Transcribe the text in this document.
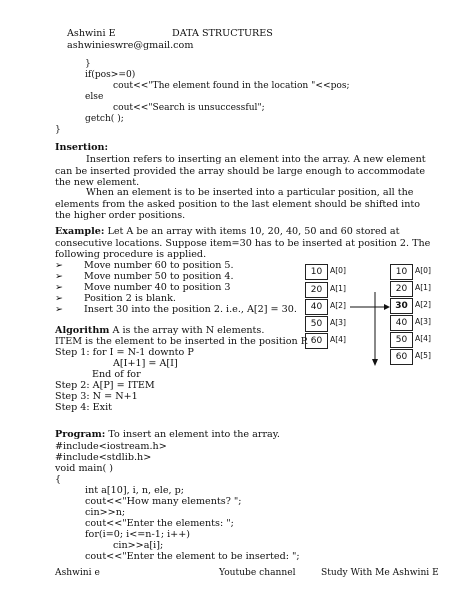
Ashwini E	DATA STRUCTURES
ashwinieswre@gmail.com
}
if(pos>=0)
cout<<"The element found in the location "<<pos;
else
cout<<"Search is unsuccessful";
getch( );
}
Insertion:
Insertion refers to inserting an element into the array. A new element can be inserted provided the array should be large enough to accommodate the new element.
When an element is to be inserted into a particular position, all the elements from the asked position to the last element should be shifted into the higher order positions.
Example: Let A be an array with items 10, 20, 40, 50 and 60 stored at consecutive locations. Suppose item=30 has to be inserted at position 2. The following procedure is applied.
➢ Move number 60 to position 5.
➢ Move number 50 to position 4.
➢ Move number 40 to position 3
➢ Position 2 is blank.
➢ Insert 30 into the position 2. i.e., A[2] = 30.
10	A[0]
20	A[1]
40	A[2]
50	A[3]
60	A[4]
10	A[0]
20	A[1]
30 A[2]
40	A[3]
50	A[4]
60	A[5]
Algorithm A is the array with N elements.
ITEM is the element to be inserted in the position P.
Step 1: for I = N-1 downto P
A[I+1] = A[I]
End of for
Step 2: A[P] = ITEM
Step 3: N = N+1
Step 4: Exit
Program: To insert an element into the array.
#include<iostream.h>
#include<stdlib.h>
void main( )
{
int a[10], i, n, ele, p;
cout<<"How many elements? ";
cin>>n;
cout<<"Enter the elements: ";
for(i=0; i<=n-1; i++)
cin>>a[i];
cout<<"Enter the element to be inserted: ";
Ashwini e	Youtube channel	Study With Me Ashwini E
